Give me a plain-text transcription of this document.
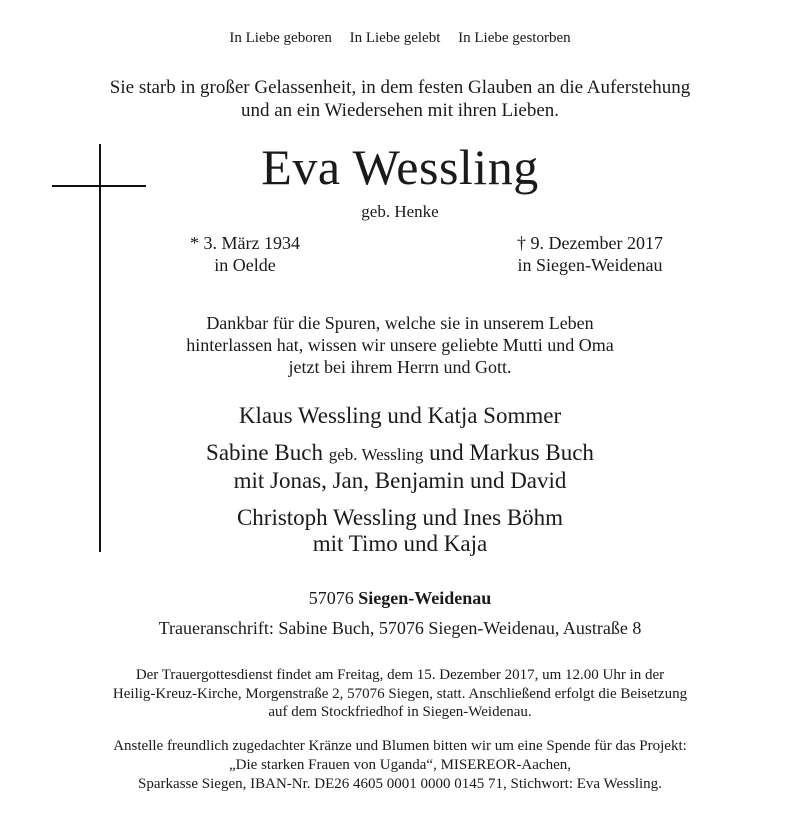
In Liebe geboren In Liebe gelebt In Liebe gestorben
Sie starb in großer Gelassenheit, in dem festen Glauben an die Auferstehung
und an ein Wiedersehen mit ihren Lieben.
Eva Wessling
geb. Henke
* 3. März 1934
in Oelde
† 9. Dezember 2017
in Siegen-Weidenau
Dankbar für die Spuren, welche sie in unserem Leben
hinterlassen hat, wissen wir unsere geliebte Mutti und Oma
jetzt bei ihrem Herrn und Gott.
Klaus Wessling und Katja Sommer
Sabine Buch geb. Wessling und Markus Buch
mit Jonas, Jan, Benjamin und David
Christoph Wessling und Ines Böhm
mit Timo und Kaja
57076 Siegen-Weidenau
Traueranschrift: Sabine Buch, 57076 Siegen-Weidenau, Austraße 8
Der Trauergottesdienst findet am Freitag, dem 15. Dezember 2017, um 12.00 Uhr in der
Heilig-Kreuz-Kirche, Morgenstraße 2, 57076 Siegen, statt. Anschließend erfolgt die Beisetzung
auf dem Stockfriedhof in Siegen-Weidenau.
Anstelle freundlich zugedachter Kränze und Blumen bitten wir um eine Spende für das Projekt:
„Die starken Frauen von Uganda“, MISEREOR-Aachen,
Sparkasse Siegen, IBAN-Nr. DE26 4605 0001 0000 0145 71, Stichwort: Eva Wessling.
